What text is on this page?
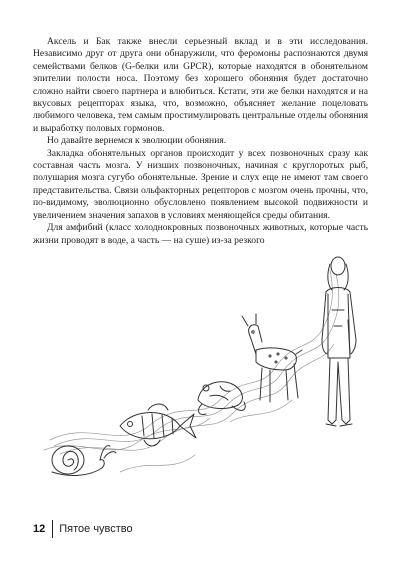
Аксель и Бак также внесли серьезный вклад и в эти исследования. Независимо друг от друга они обнаружили, что феромоны распознаются двумя семействами белков (G-белки или GPCR), которые находятся в обонятельном эпителии полости носа. Поэтому без хорошего обоняния будет достаточно сложно найти своего партнера и влюбиться. Кстати, эти же белки находятся и на вкусовых рецепторах языка, что, возможно, объясняет желание поцеловать любимого человека, тем самым простимулировать центральные отделы обоняния и выработку половых гормонов.

Но давайте вернемся к эволюции обоняния.

Закладка обонятельных органов происходит у всех позвоночных сразу как составная часть мозга. У низших позвоночных, начиная с круглоротых рыб, полушария мозга сугубо обонятельные. Зрение и слух еще не имеют там своего представительства. Связи ольфакторных рецепторов с мозгом очень прочны, что, по-видимому, эволюционно обусловлено появлением высокой подвижности и увеличением значения запахов в условиях меняющейся среды обитания.

Для амфибий (класс холоднокровных позвоночных животных, которые часть жизни проводят в воде, а часть — на суше) из-за резкого

12 Пятое чувство
